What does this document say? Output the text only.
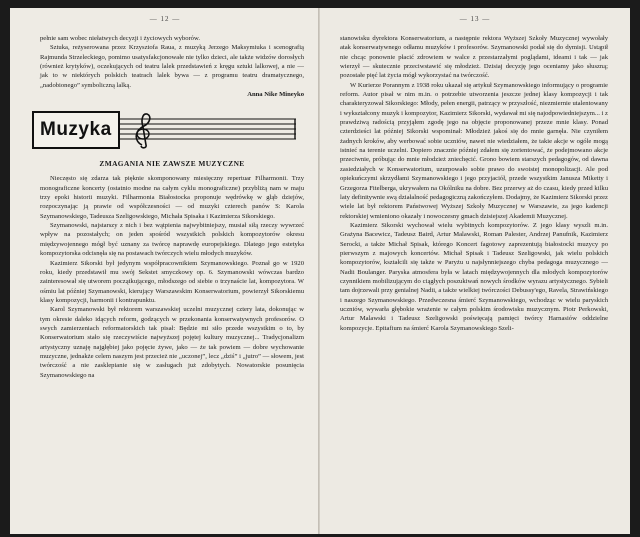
— 12 —

pełnie sam wobec niełatwych decyzji i życiowych wyborów.

Sztuka, reżyserowana przez Krzysztofa Raua, z muzyką Jerzego Maksymiuka i scenografią Rajmunda Strzeleckiego, pomimo usatysfakcjonowałe nie tylko dzieci, ale także widzów dorosłych (również krytyków), oczekujących od teatru lalek przedstawień z kręgu sztuki lalkowej, a nie — jak to w niektórych polskich teatrach lalek bywa — z programu teatru dramatycznego, „nadobionego” symboliczną lalką.

Anna Nike Mineyko
Muzyka
ZMAGANIA NIE ZAWSZE MUZYCZNE

Nieczęsto się zdarza tak pięknie skomponowany miesięczny repertuar Filharmonii. Trzy monograficzne koncerty (ostatnio modne na całym cyklu monograficzne) przybliżą nam w maju trzy epoki historii muzyki. Filharmonia Białostocka proponuje wędrówkę w głąb dziejów, rozpoczynając ją prawie od współczesności — od muzyki czterech panów S: Karola Szymanowskiego, Tadeusza Szeligowskiego, Michała Spisaka i Kazimierza Sikorskiego.

Szymanowski, najstarszy z nich i bez wątpienia najwybitniejszy, musiał siłą rzeczy wywrzeć wpływ na pozostałych; on jeden spośród wszystkich polskich kompozytorów okresu międzywojennego mógł być uznany za twórcę naprawdę europejskiego. Dlatego jego estetyka kompozytorska odcisnęła się na postawach twórczych wielu młodych muzyków.

Kazimierz Sikorski był jedynym współpracownikiem Szymanowskiego. Poznał go w 1920 roku, kiedy przedstawił mu swój Sekstet smyczkowy op. 6. Szymanowski wówczas bardzo zainteresował się utworem początkującego, młodszego od siebie o trzynaście lat, kompozytora. W ośmiu lat później Szymanowski, kierujący Warszawskim Konserwatorium, powierzył Sikorskiemu klasy kompozycji, harmonii i kontrapunktu.

Karol Szymanowski był rektorem warszawskiej uczelni muzycznej cztery lata, dokonując w tym okresie daleko idących reform, godzących w przekonania konserwatywnych profesorów. O swych zamierzeniach reformatorskich tak pisał: Będzie mi siło przede wszystkim o to, by Konserwatorium stało się rzeczywiście najwyższej pojętej kultury muzycznej... Tradycjonalizm artystyczny uznaję najgłębiej jako pojęcie żywe, jako — że tak powiem — dobre wychowanie muzyczne, jednakże celem naszym jest przecież nie „uczonej”, lecz „dziś” i „jutro” — słowem, jest twórczość a nie zasklepianie się w zasługach już zdobytych. Nowatorskie posunięcia Szymanowskiego na

— 13 —

stanowisku dyrektora Konserwatorium, a następnie rektora Wyższej Szkoły Muzycznej wywołały atak konserwatywnego odłamu muzyków i profesorów. Szymanowski podał się do dymisji. Ustąpił nie chcąc ponownie płacić zdrowiem w walce z przestarzałymi poglądami, ideami i tak — jak wierzył — skutecznie przeciwstawić się młodzież. Dzisiaj decyzję jego oceniamy jako słuszną; pozostałe pięć lat życia mógł wykorzystać na twórczość.

W Kurierze Porannym z 1938 roku ukazał się artykuł Szymanowskiego informujący o programie reform. Autor pisał w nim m.in. o potrzebie utworzenia jeszcze jednej klasy kompozycji i tak charakteryzował Sikorskiego: Młody, pełen energii, patrzący w przyszłość, niezmiernie utalentowany i wykształcony muzyk i kompozytor, Kazimierz Sikorski, wydawał mi się najodpowiedniejszym... i z prawdziwą radością przyjąłem zgodę jego na objęcie proponowanej przeze mnie klasy. Ponad czterdzieści lat później Sikorski wspominał: Młodzież jakoś się do mnie garnęła. Nie czyniłem żadnych kroków, aby werbować sobie uczniów, nawet nie wiedziałem, że takie akcje w ogóle mogą istnieć na terenie uczelni. Dopiero znacznie później zdałem się zorientować, że podejmowano akcje przeciwnie, próbując do mnie młodzież zniechęcić. Grono bowiem starszych pedagogów, od dawna zasiedziałych w Konserwatorium, uzurpowało sobie prawo do swoistej monopolizacji. Ale pod opiekuńczymi skrzydłami Szymanowskiego i jego przyjaciół, przede wszystkim Janusza Miketty i Grzegorza Fitelberga, ukrywałem na Okólniku na dobre. Bez przerwy aż do czasu, kiedy przed kilku laty definitywnie swą działalność pedagogiczną zakończyłem. Dodajmy, że Kazimierz Sikorski przez wiele lat był rektorem Państwowej Wyższej Szkoły Muzycznej w Warszawie, za jego kadencji rektorskiej wmieniono okazały i nowoczesny gmach dzisiejszej Akademii Muzycznej.

Kazimierz Sikorski wychował wielu wybitnych kompozytorów. Z jego klasy wyszli m.in. Grażyna Bacewicz, Tadeusz Baird, Artur Malawski, Roman Palester, Andrzej Panufnik, Kazimierz Serocki, a także Michał Spisak, którego Koncert fagotowy zaprezentują białostocki muzycy po pierwszym z majowych koncertów. Michał Spisak i Tadeusz Szeligowski, jak wielu polskich kompozytorów, kształcili się także w Paryżu u najsłynniejszego chyba pedagoga muzycznego — Nadii Boulanger. Paryska atmosfera była w latach międzywojennych dla młodych kompozytorów czynnikiem mobilizującym do ciągłych poszukiwań nowych środków wyrazu artystycznego. Sybieli tam dojrzewali przy genialnej Nadii, a także wielkiej twórczości Debussy'ego, Ravela, Strawińskiego i naszego Szymanowskiego. Przedwczesna śmierć Szymanowskiego, wchodząc w wielu paryskich uczniów, wywarła głębokie wrażenie w całym polskim środowisku muzycznym. Piotr Perkowski, Artur Malawski i Tadeusz Szeligowski poświęcają pamięci twórcy Harnasiów oddzielne kompozycje. Epitafium na śmierć Karola Szymanowskiego Szeli-
